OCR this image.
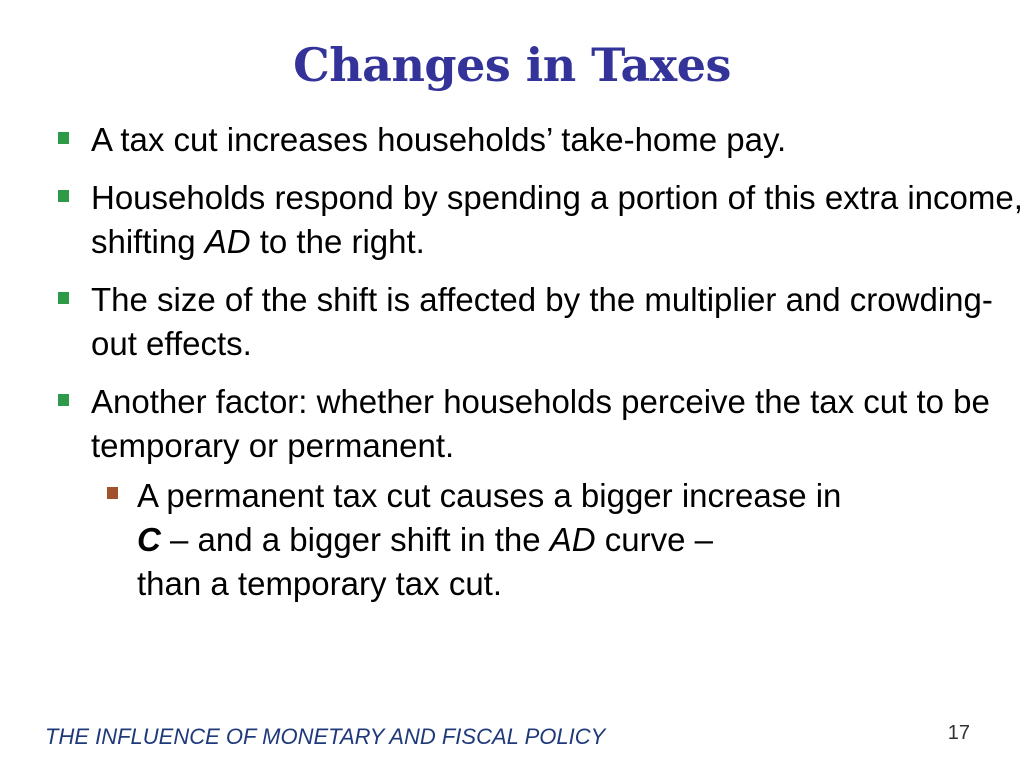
Changes in Taxes
A tax cut increases households’ take-home pay.
Households respond by spending a portion of this extra income, shifting AD to the right.
The size of the shift is affected by the multiplier and crowding-out effects.
Another factor: whether households perceive the tax cut to be temporary or permanent.
A permanent tax cut causes a bigger increase in
C – and a bigger shift in the AD curve –
than a temporary tax cut.
THE INFLUENCE OF MONETARY AND FISCAL POLICY	17
